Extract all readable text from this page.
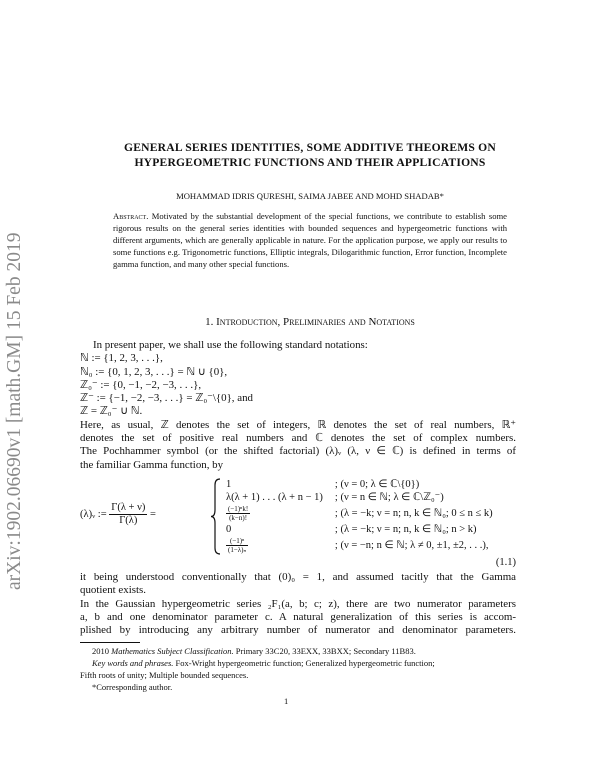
arXiv:1902.06690v1 [math.GM] 15 Feb 2019
GENERAL SERIES IDENTITIES, SOME ADDITIVE THEOREMS ON
HYPERGEOMETRIC FUNCTIONS AND THEIR APPLICATIONS
MOHAMMAD IDRIS QURESHI, SAIMA JABEE AND MOHD SHADAB*
Abstract. Motivated by the substantial development of the special functions, we contribute to establish some rigorous results on the general series identities with bounded sequences and hypergeometric functions with different arguments, which are generally applicable in nature. For the application purpose, we apply our results to some functions e.g. Trigonometric functions, Elliptic integrals, Dilogarithmic function, Error function, Incomplete gamma function, and many other special functions.
1. Introduction, Preliminaries and Notations
In present paper, we shall use the following standard notations:
ℕ := {1, 2, 3, . . .},
ℕ₀ := {0, 1, 2, 3, . . .} = ℕ ∪ {0},
ℤ₀⁻ := {0, −1, −2, −3, . . .},
ℤ⁻ := {−1, −2, −3, . . .} = ℤ₀⁻\{0}, and
ℤ = ℤ₀⁻ ∪ ℕ.
Here, as usual, ℤ denotes the set of integers, ℝ denotes the set of real numbers, ℝ⁺
denotes the set of positive real numbers and ℂ denotes the set of complex numbers.
The Pochhammer symbol (or the shifted factorial) (λ)ᵥ (λ, ν ∈ ℂ) is defined in terms of
the familiar Gamma function, by
(λ)ᵥ := $\frac{\Gamma(\lambda + \nu)}{\Gamma(\lambda)}$ =
1	; (ν = 0; λ ∈ ℂ\{0})
λ(λ + 1) . . . (λ + n − 1) ; (ν = n ∈ ℕ; λ ∈ ℂ\ℤ₀⁻)
$\frac{\text{(−1)ⁿk!}}{(k-n)!}$	; (λ = −k; ν = n; n, k ∈ ℕ₀; 0 ≤ n ≤ k)
0	; (λ = −k; ν = n; n, k ∈ ℕ₀; n > k)
$\frac{\text{(−1)ⁿ}}{\text{(1−λ)ₙ}}$	; (ν = −n; n ∈ ℕ; λ ≠ 0, ±1, ±2, . . .),
(1.1)
it being understood conventionally that (0)₀ = 1, and assumed tacitly that the Gamma
quotient exists.
In the Gaussian hypergeometric series ₂F₁(a, b; c; z), there are two numerator parameters
a, b and one denominator parameter c. A natural generalization of this series is accom-
plished by introducing any arbitrary number of numerator and denominator parameters.
2010 Mathematics Subject Classification. Primary 33C20, 33EXX, 33BXX; Secondary 11B83.
Key words and phrases. Fox-Wright hypergeometric function; Generalized hypergeometric function;
Fifth roots of unity; Multiple bounded sequences.
*Corresponding author.
1
